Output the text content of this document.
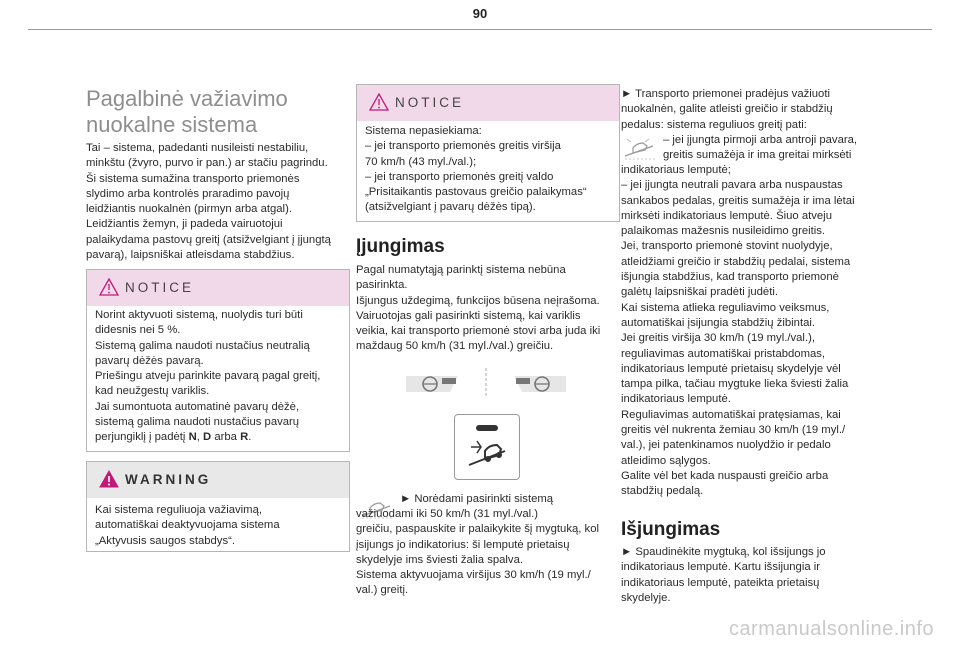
90
Pagalbinė važiavimo
nuokalne sistema
Tai – sistema, padedanti nusileisti nestabiliu,
minkštu (žvyro, purvo ir pan.) ar stačiu pagrindu.
Ši sistema sumažina transporto priemonės
slydimo arba kontrolės praradimo pavojų
leidžiantis nuokalnėn (pirmyn arba atgal).
Leidžiantis žemyn, ji padeda vairuotojui
palaikydama pastovų greitį (atsižvelgiant į įjungtą
pavarą), laipsniškai atleisdama stabdžius.
NOTICE
Norint aktyvuoti sistemą, nuolydis turi būti
didesnis nei 5 %.
Sistemą galima naudoti nustačius neutralią
pavarų dėžės pavarą.
Priešingu atveju parinkite pavarą pagal greitį,
kad neužgestų variklis.
Jai sumontuota automatinė pavarų dėžė,
sistemą galima naudoti nustačius pavarų
perjungiklį į padėtį N, D arba R.
WARNING
Kai sistema reguliuoja važiavimą,
automatiškai deaktyvuojama sistema
„Aktyvusis saugos stabdys“.
NOTICE
Sistema nepasiekiama:
– jei transporto priemonės greitis viršija
70 km/h (43 myl./val.);
– jei transporto priemonės greitį valdo
„Prisitaikantis pastovaus greičio palaikymas“
(atsižvelgiant į pavarų dėžės tipą).
Įjungimas
Pagal numatytąją parinktį sistema nebūna
pasirinkta.
Išjungus uždegimą, funkcijos būsena neįrašoma.
Vairuotojas gali pasirinkti sistemą, kai variklis
veikia, kai transporto priemonė stovi arba juda iki
maždaug 50 km/h (31 myl./val.) greičiu.
► Norėdami pasirinkti sistemą
važiuodami iki 50 km/h (31 myl./val.)
greičiu, paspauskite ir palaikykite šį mygtuką, kol
įsijungs jo indikatorius: ši lemputė prietaisų
skydelyje ims šviesti žalia spalva.
Sistema aktyvuojama viršijus 30 km/h (19 myl./
val.) greitį.
► Transporto priemonei pradėjus važiuoti
nuokalnėn, galite atleisti greičio ir stabdžių
pedalus: sistema reguliuos greitį pati:
– jei įjungta pirmoji arba antroji pavara,
greitis sumažėja ir ima greitai mirksėti
indikatoriaus lemputė;
– jei įjungta neutrali pavara arba nuspaustas
sankabos pedalas, greitis sumažėja ir ima lėtai
mirksėti indikatoriaus lemputė. Šiuo atveju
palaikomas mažesnis nusileidimo greitis.
Jei, transporto priemonė stovint nuolydyje,
atleidžiami greičio ir stabdžių pedalai, sistema
išjungia stabdžius, kad transporto priemonė
galėtų laipsniškai pradėti judėti.
Kai sistema atlieka reguliavimo veiksmus,
automatiškai įsijungia stabdžių žibintai.
Jei greitis viršija 30 km/h (19 myl./val.),
reguliavimas automatiškai pristabdomas,
indikatoriaus lemputė prietaisų skydelyje vėl
tampa pilka, tačiau mygtuke liekа šviesti žalia
indikatoriaus lemputė.
Reguliavimas automatiškai pratęsiamas, kai
greitis vėl nukrenta žemiau 30 km/h (19 myl./
val.), jei patenkinamos nuolydžio ir pedalo
atleidimo sąlygos.
Galite vėl bet kada nuspausti greičio arba
stabdžių pedalą.
Išjungimas
► Spaudinėkite mygtuką, kol išsijungs jo
indikatoriaus lemputė. Kartu išsijungia ir
indikatoriaus lemputė, pateikta prietaisų
skydelyje.
carmanualsonline.info
